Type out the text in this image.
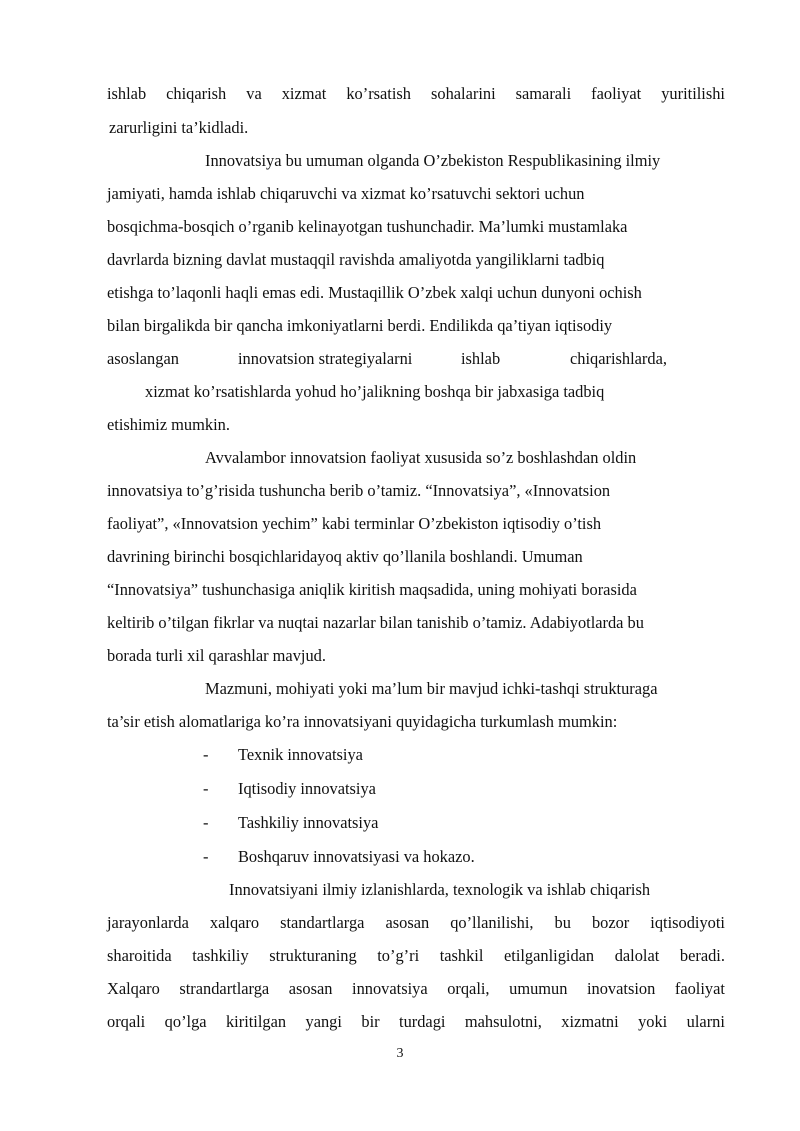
ishlab chiqarish va xizmat ko’rsatish sohalarini samarali faoliyat yuritilishi
zarurligini ta’kidladi.
Innovatsiya bu umuman olganda O’zbekiston Respublikasining ilmiy
jamiyati, hamda ishlab chiqaruvchi va xizmat ko’rsatuvchi sektori uchun
bosqichma-bosqich o’rganib kelinayotgan tushunchadir. Ma’lumki mustamlaka
davrlarda bizning davlat mustaqqil ravishda amaliyotda yangiliklarni tadbiq
etishga to’laqonli haqli emas edi. Mustaqillik O’zbek xalqi uchun dunyoni ochish
bilan birgalikda bir qancha imkoniyatlarni berdi. Endilikda qa’tiyan iqtisodiy
asoslangan	innovatsion strategiyalarni	ishlab	chiqarishlarda,
xizmat ko’rsatishlarda yohud ho’jalikning boshqa bir jabxasiga tadbiq
etishimiz mumkin.
Avvalambor innovatsion faoliyat xususida so’z boshlashdan oldin
innovatsiya to’g’risida tushuncha berib o’tamiz. “Innovatsiya”, «Innovatsion
faoliyat”, «Innovatsion yechim” kabi terminlar O’zbekiston iqtisodiy o’tish
davrining birinchi bosqichlaridayoq aktiv qo’llanila boshlandi. Umuman
“Innovatsiya” tushunchasiga aniqlik kiritish maqsadida, uning mohiyati borasida
keltirib o’tilgan fikrlar va nuqtai nazarlar bilan tanishib o’tamiz. Adabiyotlarda bu
borada turli xil qarashlar mavjud.
Mazmuni, mohiyati yoki ma’lum bir mavjud ichki-tashqi strukturaga
ta’sir etish alomatlariga ko’ra innovatsiyani quyidagicha turkumlash mumkin:
- Texnik innovatsiya
- Iqtisodiy innovatsiya
- Tashkiliy innovatsiya
- Boshqaruv innovatsiyasi va hokazo.
Innovatsiyani ilmiy izlanishlarda, texnologik va ishlab chiqarish
jarayonlarda xalqaro standartlarga asosan qo’llanilishi, bu bozor iqtisodiyoti
sharoitida tashkiliy strukturaning to’g’ri tashkil etilganligidan dalolat beradi.
Xalqaro strandartlarga asosan innovatsiya orqali, umumun inovatsion faoliyat
orqali qo’lga kiritilgan yangi bir turdagi mahsulotni, xizmatni yoki ularni
3
